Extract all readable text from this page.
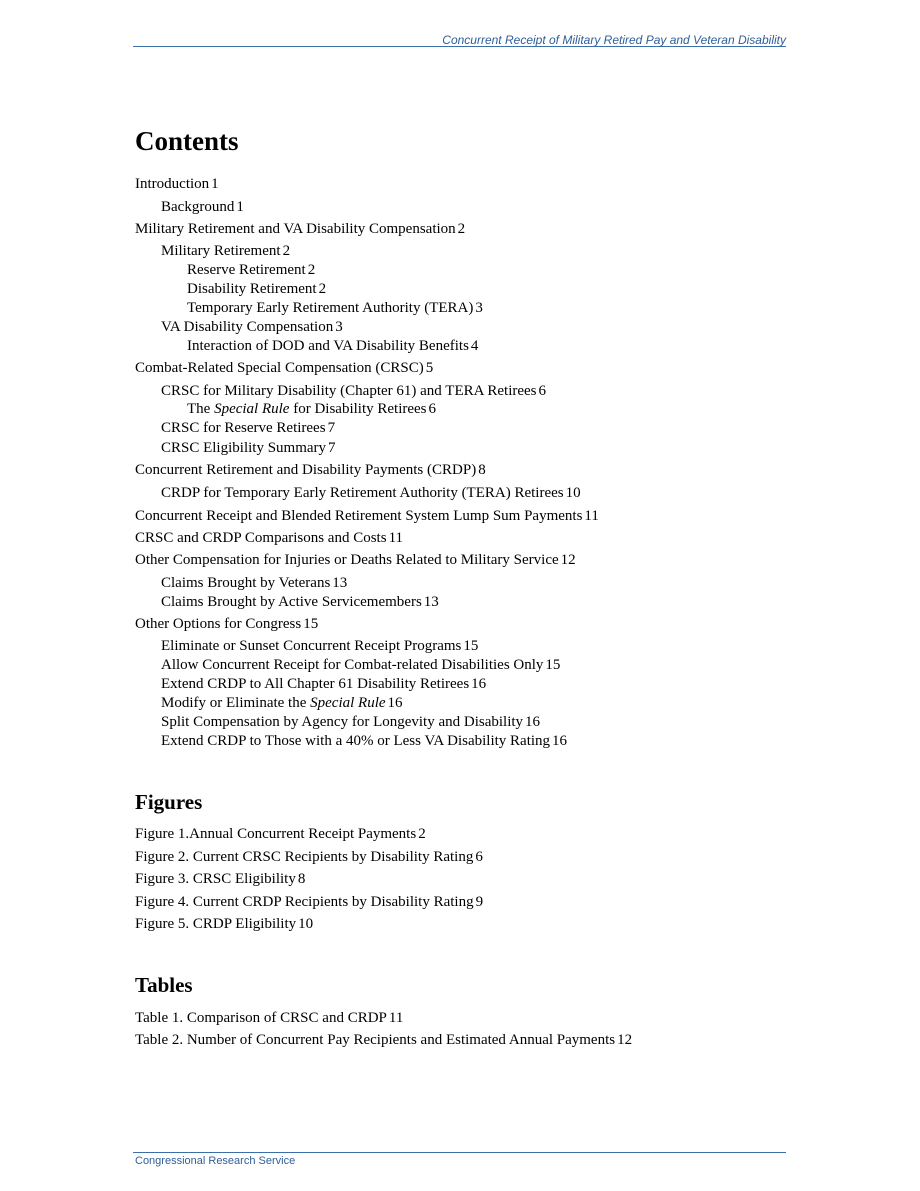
Concurrent Receipt of Military Retired Pay and Veteran Disability
Contents
Introduction 1
Background 1
Military Retirement and VA Disability Compensation 2
Military Retirement 2
Reserve Retirement 2
Disability Retirement 2
Temporary Early Retirement Authority (TERA) 3
VA Disability Compensation 3
Interaction of DOD and VA Disability Benefits 4
Combat-Related Special Compensation (CRSC) 5
CRSC for Military Disability (Chapter 61) and TERA Retirees 6
The Special Rule for Disability Retirees 6
CRSC for Reserve Retirees 7
CRSC Eligibility Summary 7
Concurrent Retirement and Disability Payments (CRDP) 8
CRDP for Temporary Early Retirement Authority (TERA) Retirees 10
Concurrent Receipt and Blended Retirement System Lump Sum Payments 11
CRSC and CRDP Comparisons and Costs 11
Other Compensation for Injuries or Deaths Related to Military Service 12
Claims Brought by Veterans 13
Claims Brought by Active Servicemembers 13
Other Options for Congress 15
Eliminate or Sunset Concurrent Receipt Programs 15
Allow Concurrent Receipt for Combat-related Disabilities Only 15
Extend CRDP to All Chapter 61 Disability Retirees 16
Modify or Eliminate the Special Rule 16
Split Compensation by Agency for Longevity and Disability 16
Extend CRDP to Those with a 40% or Less VA Disability Rating 16
Figures
Figure 1.Annual Concurrent Receipt Payments 2
Figure 2. Current CRSC Recipients by Disability Rating 6
Figure 3. CRSC Eligibility 8
Figure 4. Current CRDP Recipients by Disability Rating 9
Figure 5. CRDP Eligibility 10
Tables
Table 1. Comparison of CRSC and CRDP 11
Table 2. Number of Concurrent Pay Recipients and Estimated Annual Payments 12
Congressional Research Service
